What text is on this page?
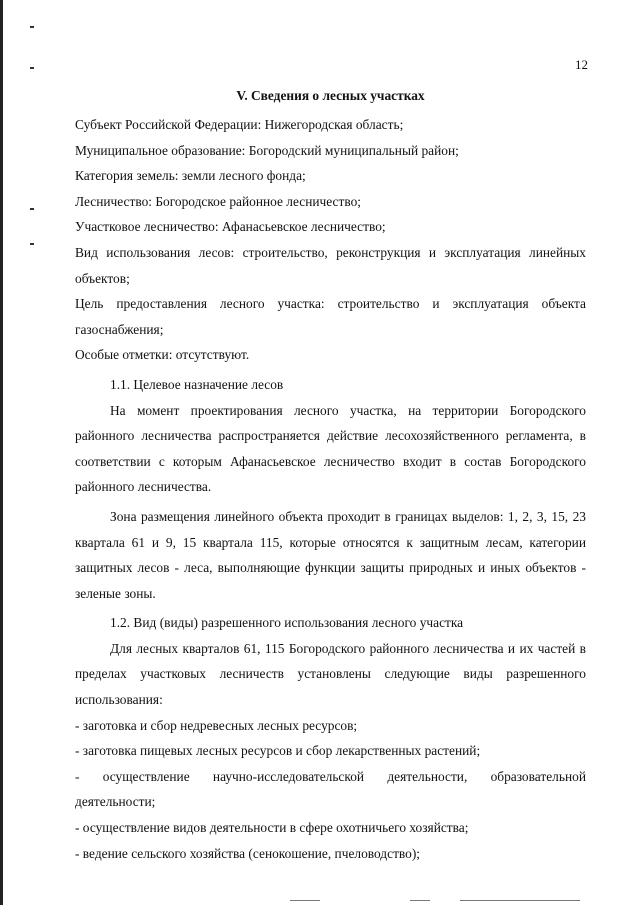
12

V. Сведения о лесных участках

Субъект Российской Федерации: Нижегородская область;

Муниципальное образование: Богородский муниципальный район;

Категория земель: земли лесного фонда;

Лесничество: Богородское районное лесничество;

Участковое лесничество: Афанасьевское лесничество;

Вид использования лесов: строительство, реконструкция и эксплуатация линейных объектов;

Цель предоставления лесного участка: строительство и эксплуатация объекта газоснабжения;

Особые отметки: отсутствуют.

1.1. Целевое назначение лесов

На момент проектирования лесного участка, на территории Богородского районного лесничества распространяется действие лесохозяйственного регламента, в соответствии с которым Афанасьевское лесничество входит в состав Богородского районного лесничества.

Зона размещения линейного объекта проходит в границах выделов: 1, 2, 3, 15, 23 квартала 61 и 9, 15 квартала 115, которые относятся к защитным лесам, категории защитных лесов - леса, выполняющие функции защиты природных и иных объектов - зеленые зоны.

1.2. Вид (виды) разрешенного использования лесного участка

Для лесных кварталов 61, 115 Богородского районного лесничества и их частей в пределах участковых лесничеств установлены следующие виды разрешенного использования:

- заготовка и сбор недревесных лесных ресурсов;

- заготовка пищевых лесных ресурсов и сбор лекарственных растений;

- осуществление научно-исследовательской деятельности, образовательной деятельности;

- осуществление видов деятельности в сфере охотничьего хозяйства;

- ведение сельского хозяйства (сенокошение, пчеловодство);
